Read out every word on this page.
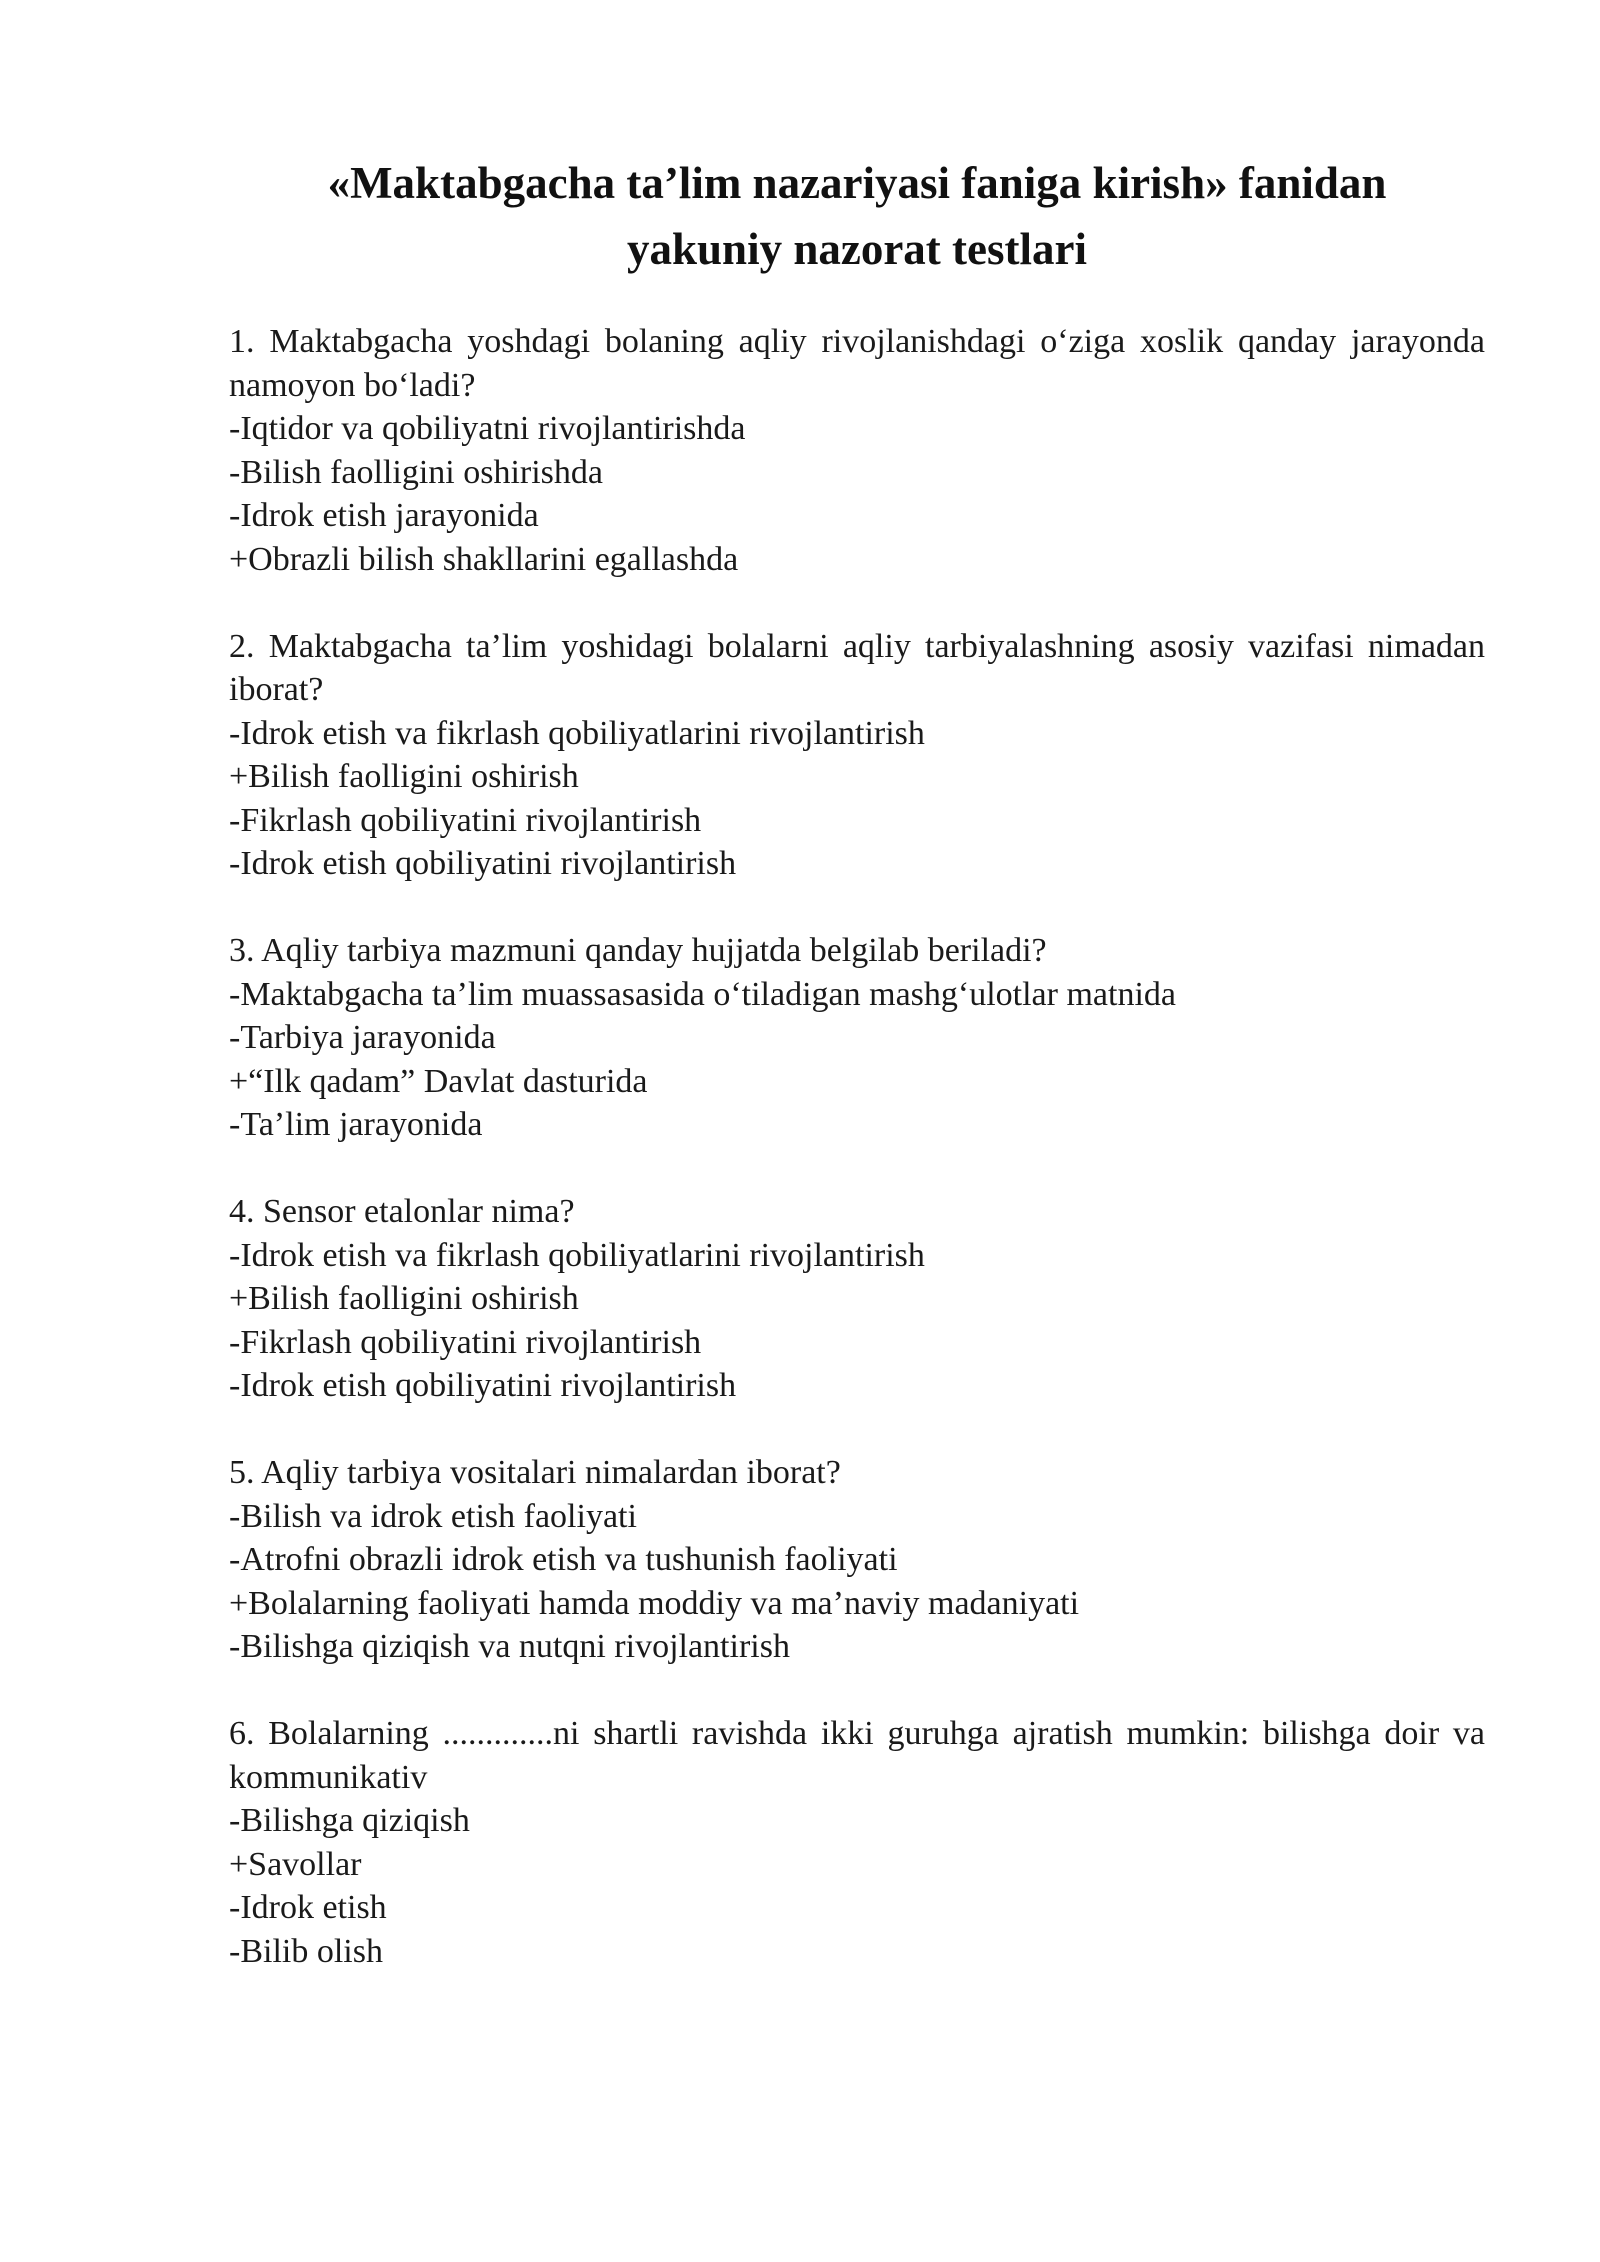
«Maktabgacha ta’lim nazariyasi faniga kirish» fanidan
yakuniy nazorat testlari

1. Maktabgacha yoshdagi bolaning aqliy rivojlanishdagi o‘ziga xoslik qanday jarayonda namoyon bo‘ladi?

-Iqtidor va qobiliyatni rivojlantirishda

-Bilish faolligini oshirishda

-Idrok etish jarayonida

+Obrazli bilish shakllarini egallashda

2. Maktabgacha ta’lim yoshidagi bolalarni aqliy tarbiyalashning asosiy vazifasi nimadan iborat?

-Idrok etish va fikrlash qobiliyatlarini rivojlantirish

+Bilish faolligini oshirish

-Fikrlash qobiliyatini rivojlantirish

-Idrok etish qobiliyatini rivojlantirish

3. Aqliy tarbiya mazmuni qanday hujjatda belgilab beriladi?

-Maktabgacha ta’lim muassasasida o‘tiladigan mashg‘ulotlar matnida

-Tarbiya jarayonida

+“Ilk qadam” Davlat dasturida

-Ta’lim jarayonida

4. Sensor etalonlar nima?

-Idrok etish va fikrlash qobiliyatlarini rivojlantirish

+Bilish faolligini oshirish

-Fikrlash qobiliyatini rivojlantirish

-Idrok etish qobiliyatini rivojlantirish

5. Aqliy tarbiya vositalari nimalardan iborat?

-Bilish va idrok etish faoliyati

-Atrofni obrazli idrok etish va tushunish faoliyati

+Bolalarning faoliyati hamda moddiy va ma’naviy madaniyati

-Bilishga qiziqish va nutqni rivojlantirish

6. Bolalarning .............ni shartli ravishda ikki guruhga ajratish mumkin: bilishga doir va kommunikativ

-Bilishga qiziqish

+Savollar

-Idrok etish

-Bilib olish
